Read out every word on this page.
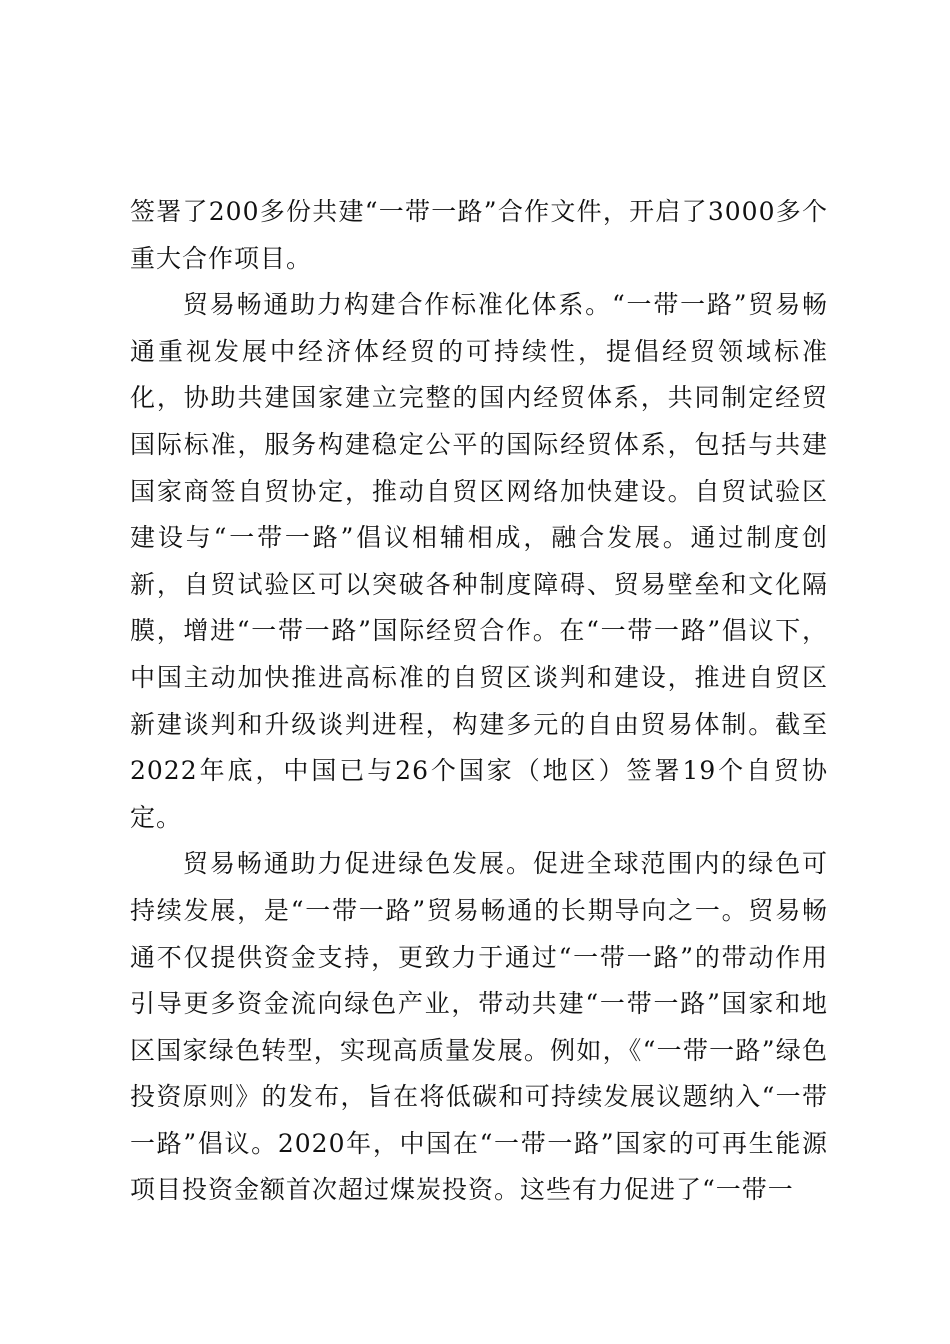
签署了200多份共建“一带一路”合作文件，开启了3000多个重大合作项目。

贸易畅通助力构建合作标准化体系。“一带一路”贸易畅通重视发展中经济体经贸的可持续性，提倡经贸领域标准化，协助共建国家建立完整的国内经贸体系，共同制定经贸国际标准，服务构建稳定公平的国际经贸体系，包括与共建国家商签自贸协定，推动自贸区网络加快建设。自贸试验区建设与“一带一路”倡议相辅相成，融合发展。通过制度创新，自贸试验区可以突破各种制度障碍、贸易壁垒和文化隔膜，增进“一带一路”国际经贸合作。在“一带一路”倡议下，中国主动加快推进高标准的自贸区谈判和建设，推进自贸区新建谈判和升级谈判进程，构建多元的自由贸易体制。截至2022年底，中国已与26个国家（地区）签署19个自贸协定。

贸易畅通助力促进绿色发展。促进全球范围内的绿色可持续发展，是“一带一路”贸易畅通的长期导向之一。贸易畅通不仅提供资金支持，更致力于通过“一带一路”的带动作用引导更多资金流向绿色产业，带动共建“一带一路”国家和地区国家绿色转型，实现高质量发展。例如，《“一带一路”绿色投资原则》的发布，旨在将低碳和可持续发展议题纳入“一带一路”倡议。2020年，中国在“一带一路”国家的可再生能源项目投资金额首次超过煤炭投资。这些有力促进了“一带一
